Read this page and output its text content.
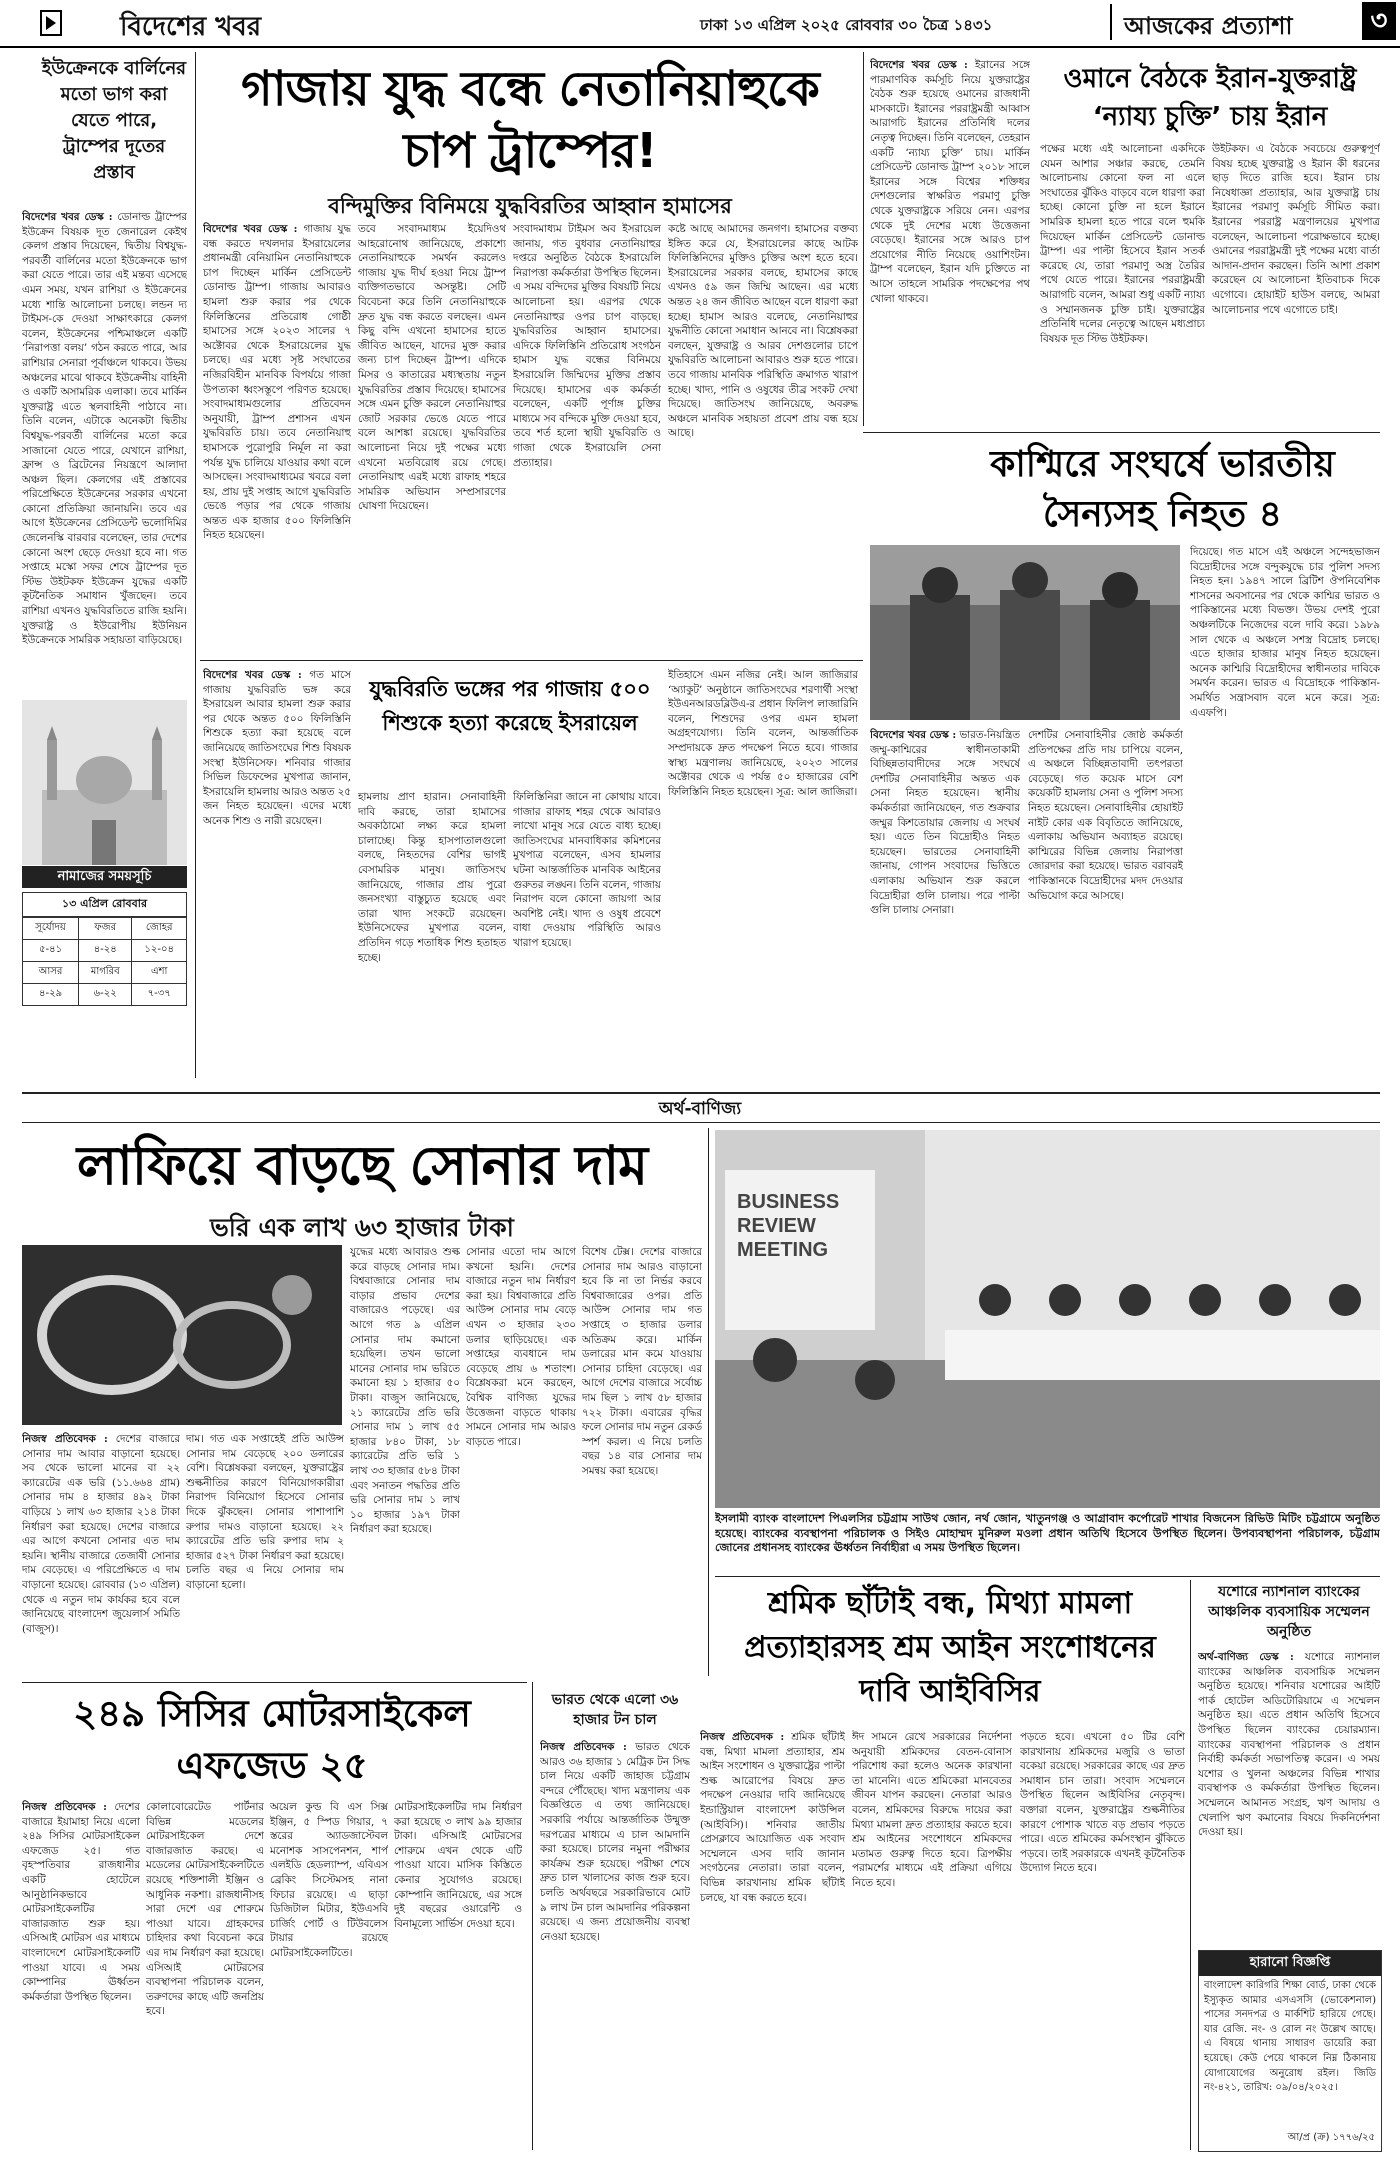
বিদেশের খবর	ঢাকা ১৩ এপ্রিল ২০২৫ রোববার ৩০ চৈত্র ১৪৩১	আজকের প্রত্যাশা	৩
ইউক্রেনকে বার্লিনের মতো ভাগ করা যেতে পারে, ট্রাম্পের দূতের প্রস্তাব
বিদেশের খবর ডেস্ক : ডোনাল্ড ট্রাম্পের ইউক্রেন বিষয়ক দূত জেনারেল কেইথ কেলগ প্রস্তাব দিয়েছেন, দ্বিতীয় বিশ্বযুদ্ধ-পরবর্তী বার্লিনের মতো ইউক্রেনকে ভাগ করা যেতে পারে। তার এই মন্তব্য এসেছে এমন সময়, যখন রাশিয়া ও ইউক্রেনের মধ্যে শান্তি আলোচনা চলছে। লন্ডন দ্য টাইমস-কে দেওয়া সাক্ষাৎকারে কেলগ বলেন, ইউক্রেনের পশ্চিমাঞ্চলে একটি ‘নিরাপত্তা বলয়’ গঠন করতে পারে, আর রাশিয়ার সেনারা পূর্বাঞ্চলে থাকবে। উভয় অঞ্চলের মাঝে থাকবে ইউক্রেনীয় বাহিনী ও একটি অসামরিক এলাকা। তবে মার্কিন যুক্তরাষ্ট্র এতে স্থলবাহিনী পাঠাবে না। তিনি বলেন, এটাকে অনেকটা দ্বিতীয় বিশ্বযুদ্ধ-পরবর্তী বার্লিনের মতো করে সাজানো যেতে পারে, যেখানে রাশিয়া, ফ্রান্স ও ব্রিটেনের নিয়ন্ত্রণে আলাদা অঞ্চল ছিল। কেলগের এই প্রস্তাবের পরিপ্রেক্ষিতে ইউক্রেনের সরকার এখনো কোনো প্রতিক্রিয়া জানায়নি। তবে এর আগে ইউক্রেনের প্রেসিডেন্ট ভলোদিমির জেলেনস্কি বারবার বলেছেন, তার দেশের কোনো অংশ ছেড়ে দেওয়া হবে না। গত সপ্তাহে মস্কো সফর শেষে ট্রাম্পের দূত স্টিভ উইটকফ ইউক্রেন যুদ্ধের একটি কূটনৈতিক সমাধান খুঁজছেন। তবে রাশিয়া এখনও যুদ্ধবিরতিতে রাজি হয়নি। যুক্তরাষ্ট্র ও ইউরোপীয় ইউনিয়ন ইউক্রেনকে সামরিক সহায়তা বাড়িয়েছে।
নামাজের সময়সূচি
১৩ এপ্রিল রোববার
সূর্যোদয়	ফজর	জোহর
৫-৪১	৪-২৪	১২-০৪
আসর	মাগরিব	এশা
৪-২৯	৬-২২	৭-৩৭
গাজায় যুদ্ধ বন্ধে নেতানিয়াহুকে চাপ ট্রাম্পের!
বন্দিমুক্তির বিনিময়ে যুদ্ধবিরতির আহ্বান হামাসের
বিদেশের খবর ডেস্ক : গাজায় যুদ্ধ বন্ধ করতে দখলদার ইসরায়েলের প্রধানমন্ত্রী বেনিয়ামিন নেতানিয়াহুকে চাপ দিচ্ছেন মার্কিন প্রেসিডেন্ট ডোনাল্ড ট্রাম্প। গাজায় আবারও হামলা শুরু করার পর থেকে ফিলিস্তিনের প্রতিরোধ গোষ্ঠী হামাসের সঙ্গে ২০২৩ সালের ৭ অক্টোবর থেকে ইসরায়েলের যুদ্ধ চলছে। এর মধ্যে সৃষ্ট সংঘাতের নজিরবিহীন মানবিক বিপর্যয়ে গাজা উপত্যকা ধ্বংসস্তূপে পরিণত হয়েছে। সংবাদমাধ্যমগুলোর প্রতিবেদন অনুযায়ী, ট্রাম্প প্রশাসন এখন যুদ্ধবিরতি চায়। তবে নেতানিয়াহু হামাসকে পুরোপুরি নির্মূল না করা পর্যন্ত যুদ্ধ চালিয়ে যাওয়ার কথা বলে আসছেন। সংবাদমাধ্যমের খবরে বলা হয়, প্রায় দুই সপ্তাহ আগে যুদ্ধবিরতি ভেঙে পড়ার পর থেকে গাজায় অন্তত এক হাজার ৫০০ ফিলিস্তিনি নিহত হয়েছেন।
তবে সংবাদমাধ্যম ইয়েদিওথ আহরোনোথ জানিয়েছে, প্রকাশ্যে নেতানিয়াহুকে সমর্থন করলেও গাজায় যুদ্ধ দীর্ঘ হওয়া নিয়ে ট্রাম্প ব্যক্তিগতভাবে অসন্তুষ্ট। সেটি বিবেচনা করে তিনি নেতানিয়াহুকে দ্রুত যুদ্ধ বন্ধ করতে বলছেন। এমন কিছু বন্দি এখনো হামাসের হাতে জীবিত আছেন, যাদের মুক্ত করার জন্য চাপ দিচ্ছেন ট্রাম্প। এদিকে মিসর ও কাতারের মধ্যস্থতায় নতুন যুদ্ধবিরতির প্রস্তাব দিয়েছে। হামাসের সঙ্গে এমন চুক্তি করলে নেতানিয়াহুর জোট সরকার ভেঙে যেতে পারে বলে আশঙ্কা রয়েছে। যুদ্ধবিরতির আলোচনা নিয়ে দুই পক্ষের মধ্যে এখনো মতবিরোধ রয়ে গেছে। নেতানিয়াহু এরই মধ্যে রাফাহ শহরে সামরিক অভিযান সম্প্রসারণের ঘোষণা দিয়েছেন।
সংবাদমাধ্যম টাইমস অব ইসরায়েল জানায়, গত বুধবার নেতানিয়াহুর দপ্তরে অনুষ্ঠিত বৈঠকে ইসরায়েলি নিরাপত্তা কর্মকর্তারা উপস্থিত ছিলেন। এ সময় বন্দিদের মুক্তির বিষয়টি নিয়ে আলোচনা হয়। এরপর থেকে নেতানিয়াহুর ওপর চাপ বাড়ছে। যুদ্ধবিরতির আহ্বান হামাসের। এদিকে ফিলিস্তিনি প্রতিরোধ সংগঠন হামাস যুদ্ধ বন্ধের বিনিময়ে ইসরায়েলি জিম্মিদের মুক্তির প্রস্তাব দিয়েছে। হামাসের এক কর্মকর্তা বলেছেন, একটি পূর্ণাঙ্গ চুক্তির মাধ্যমে সব বন্দিকে মুক্তি দেওয়া হবে, তবে শর্ত হলো স্থায়ী যুদ্ধবিরতি ও গাজা থেকে ইসরায়েলি সেনা প্রত্যাহার।
কষ্টে আছে আমাদের জনগণ। হামাসের বক্তব্য ইঙ্গিত করে যে, ইসরায়েলের কাছে আটক ফিলিস্তিনিদের মুক্তিও চুক্তির অংশ হতে হবে। ইসরায়েলের সরকার বলছে, হামাসের কাছে এখনও ৫৯ জন জিম্মি আছেন। এর মধ্যে অন্তত ২৪ জন জীবিত আছেন বলে ধারণা করা হচ্ছে। হামাস আরও বলেছে, নেতানিয়াহুর যুদ্ধনীতি কোনো সমাধান আনবে না। বিশ্লেষকরা বলছেন, যুক্তরাষ্ট্র ও আরব দেশগুলোর চাপে যুদ্ধবিরতি আলোচনা আবারও শুরু হতে পারে। তবে গাজায় মানবিক পরিস্থিতি ক্রমাগত খারাপ হচ্ছে। খাদ্য, পানি ও ওষুধের তীব্র সংকট দেখা দিয়েছে। জাতিসংঘ জানিয়েছে, অবরুদ্ধ অঞ্চলে মানবিক সহায়তা প্রবেশ প্রায় বন্ধ হয়ে আছে।
বিদেশের খবর ডেস্ক : ইরানের সঙ্গে পারমাণবিক কর্মসূচি নিয়ে যুক্তরাষ্ট্রের বৈঠক শুরু হয়েছে ওমানের রাজধানী মাসকাটে। ইরানের পররাষ্ট্রমন্ত্রী আব্বাস আরাগচি ইরানের প্রতিনিধি দলের নেতৃত্ব দিচ্ছেন। তিনি বলেছেন, তেহরান একটি ‘ন্যায্য চুক্তি’ চায়। মার্কিন প্রেসিডেন্ট ডোনাল্ড ট্রাম্প ২০১৮ সালে ইরানের সঙ্গে বিশ্বের শক্তিধর দেশগুলোর স্বাক্ষরিত পরমাণু চুক্তি থেকে যুক্তরাষ্ট্রকে সরিয়ে নেন। এরপর থেকে দুই দেশের মধ্যে উত্তেজনা বেড়েছে। ইরানের সঙ্গে আরও চাপ প্রয়োগের নীতি নিয়েছে ওয়াশিংটন। ট্রাম্প বলেছেন, ইরান যদি চুক্তিতে না আসে তাহলে সামরিক পদক্ষেপের পথ খোলা থাকবে।
ওমানে বৈঠকে ইরান-যুক্তরাষ্ট্র ‘ন্যায্য চুক্তি’ চায় ইরান
পক্ষের মধ্যে এই আলোচনা একদিকে যেমন আশার সঞ্চার করছে, তেমনি আলোচনায় কোনো ফল না এলে সংঘাতের ঝুঁকিও বাড়বে বলে ধারণা করা হচ্ছে। কোনো চুক্তি না হলে ইরানে সামরিক হামলা হতে পারে বলে হুমকি দিয়েছেন মার্কিন প্রেসিডেন্ট ডোনাল্ড ট্রাম্প। এর পাল্টা হিসেবে ইরান সতর্ক করেছে যে, তারা পরমাণু অস্ত্র তৈরির পথে যেতে পারে। ইরানের পররাষ্ট্রমন্ত্রী আরাগচি বলেন, আমরা শুধু একটি ন্যায্য ও সম্মানজনক চুক্তি চাই। যুক্তরাষ্ট্রের প্রতিনিধি দলের নেতৃত্বে আছেন মধ্যপ্রাচ্য বিষয়ক দূত স্টিভ উইটকফ।
উইটকফ। এ বৈঠকে সবচেয়ে গুরুত্বপূর্ণ বিষয় হচ্ছে যুক্তরাষ্ট্র ও ইরান কী ধরনের ছাড় দিতে রাজি হবে। ইরান চায় নিষেধাজ্ঞা প্রত্যাহার, আর যুক্তরাষ্ট্র চায় ইরানের পরমাণু কর্মসূচি সীমিত করা। ইরানের পররাষ্ট্র মন্ত্রণালয়ের মুখপাত্র বলেছেন, আলোচনা পরোক্ষভাবে হচ্ছে। ওমানের পররাষ্ট্রমন্ত্রী দুই পক্ষের মধ্যে বার্তা আদান-প্রদান করছেন। তিনি আশা প্রকাশ করেছেন যে আলোচনা ইতিবাচক দিকে এগোবে। হোয়াইট হাউস বলছে, আমরা আলোচনার পথে এগোতে চাই।
কাশ্মিরে সংঘর্ষে ভারতীয় সৈন্যসহ নিহত ৪
দিয়েছে। গত মাসে এই অঞ্চলে সন্দেহভাজন বিদ্রোহীদের সঙ্গে বন্দুকযুদ্ধে চার পুলিশ সদস্য নিহত হন। ১৯৪৭ সালে ব্রিটিশ ঔপনিবেশিক শাসনের অবসানের পর থেকে কাশ্মির ভারত ও পাকিস্তানের মধ্যে বিভক্ত। উভয় দেশই পুরো অঞ্চলটিকে নিজেদের বলে দাবি করে। ১৯৮৯ সাল থেকে এ অঞ্চলে সশস্ত্র বিদ্রোহ চলছে। এতে হাজার হাজার মানুষ নিহত হয়েছেন। অনেক কাশ্মিরি বিদ্রোহীদের স্বাধীনতার দাবিকে সমর্থন করেন। ভারত এ বিদ্রোহকে পাকিস্তান-সমর্থিত সন্ত্রাসবাদ বলে মনে করে। সূত্র: এএফপি।
বিদেশের খবর ডেস্ক : ভারত-নিয়ন্ত্রিত জম্মু-কাশ্মিরের স্বাধীনতাকামী বিচ্ছিন্নতাবাদীদের সঙ্গে সংঘর্ষে দেশটির সেনাবাহিনীর অন্তত এক সেনা নিহত হয়েছেন। স্থানীয় কর্মকর্তারা জানিয়েছেন, গত শুক্রবার জম্মুর কিশতোয়ার জেলায় এ সংঘর্ষ হয়। এতে তিন বিদ্রোহীও নিহত হয়েছেন। ভারতের সেনাবাহিনী জানায়, গোপন সংবাদের ভিত্তিতে এলাকায় অভিযান শুরু করলে বিদ্রোহীরা গুলি চালায়। পরে পাল্টা গুলি চালায় সেনারা।
দেশটির সেনাবাহিনীর জোষ্ঠ কর্মকর্তা প্রতিপক্ষের প্রতি দায় চাপিয়ে বলেন, এ অঞ্চলে বিচ্ছিন্নতাবাদী তৎপরতা বেড়েছে। গত কয়েক মাসে বেশ কয়েকটি হামলায় সেনা ও পুলিশ সদস্য নিহত হয়েছেন। সেনাবাহিনীর হোয়াইট নাইট কোর এক বিবৃতিতে জানিয়েছে, এলাকায় অভিযান অব্যাহত রয়েছে। কাশ্মিরের বিভিন্ন জেলায় নিরাপত্তা জোরদার করা হয়েছে। ভারত বরাবরই পাকিস্তানকে বিদ্রোহীদের মদদ দেওয়ার অভিযোগ করে আসছে।
বিদেশের খবর ডেস্ক : গত মাসে গাজায় যুদ্ধবিরতি ভঙ্গ করে ইসরায়েল আবার হামলা শুরু করার পর থেকে অন্তত ৫০০ ফিলিস্তিনি শিশুকে হত্যা করা হয়েছে বলে জানিয়েছে জাতিসংঘের শিশু বিষয়ক সংস্থা ইউনিসেফ। শনিবার গাজার সিভিল ডিফেন্সের মুখপাত্র জানান, ইসরায়েলি হামলায় আরও অন্তত ২৫ জন নিহত হয়েছেন। এদের মধ্যে অনেক শিশু ও নারী রয়েছেন।
যুদ্ধবিরতি ভঙ্গের পর গাজায় ৫০০ শিশুকে হত্যা করেছে ইসরায়েল
হামলায় প্রাণ হারান। সেনাবাহিনী দাবি করছে, তারা হামাসের অবকাঠামো লক্ষ্য করে হামলা চালাচ্ছে। কিন্তু হাসপাতালগুলো বলছে, নিহতদের বেশির ভাগই বেসামরিক মানুষ। জাতিসংঘ জানিয়েছে, গাজার প্রায় পুরো জনসংখ্যা বাস্তুচ্যুত হয়েছে এবং তারা খাদ্য সংকটে রয়েছেন। ইউনিসেফের মুখপাত্র বলেন, প্রতিদিন গড়ে শতাধিক শিশু হতাহত হচ্ছে।
ফিলিস্তিনিরা জানে না কোথায় যাবে। গাজার রাফাহ শহর থেকে আবারও লাখো মানুষ সরে যেতে বাধ্য হচ্ছে। জাতিসংঘের মানবাধিকার কমিশনের মুখপাত্র বলেছেন, এসব হামলার ঘটনা আন্তর্জাতিক মানবিক আইনের গুরুতর লঙ্ঘন। তিনি বলেন, গাজায় নিরাপদ বলে কোনো জায়গা আর অবশিষ্ট নেই। খাদ্য ও ওষুধ প্রবেশে বাধা দেওয়ায় পরিস্থিতি আরও খারাপ হয়েছে।
ইতিহাসে এমন নজির নেই। আল জাজিরার ‘অ্যাকুট’ অনুষ্ঠানে জাতিসংঘের শরণার্থী সংস্থা ইউএনআরডব্লিউএ-র প্রধান ফিলিপ লাজারিনি বলেন, শিশুদের ওপর এমন হামলা অগ্রহণযোগ্য। তিনি বলেন, আন্তর্জাতিক সম্প্রদায়কে দ্রুত পদক্ষেপ নিতে হবে। গাজার স্বাস্থ্য মন্ত্রণালয় জানিয়েছে, ২০২৩ সালের অক্টোবর থেকে এ পর্যন্ত ৫০ হাজারের বেশি ফিলিস্তিনি নিহত হয়েছেন। সূত্র: আল জাজিরা।
অর্থ-বাণিজ্য
লাফিয়ে বাড়ছে সোনার দাম
ভরি এক লাখ ৬৩ হাজার টাকা
যুদ্ধের মধ্যে আবারও শুল্ক করে বাড়ছে সোনার দাম। বিশ্ববাজারে সোনার দাম বাড়ার প্রভাব দেশের বাজারেও পড়েছে। এর আগে গত ৯ এপ্রিল সোনার দাম কমানো হয়েছিল। তখন ভালো মানের সোনার দাম ভরিতে কমানো হয় ১ হাজার ৫০ টাকা। বাজুস জানিয়েছে, ২১ ক্যারেটের প্রতি ভরি সোনার দাম ১ লাখ ৫৫ হাজার ৮৪০ টাকা, ১৮ ক্যারেটের প্রতি ভরি ১ লাখ ৩৩ হাজার ৫৮৪ টাকা এবং সনাতন পদ্ধতির প্রতি ভরি সোনার দাম ১ লাখ ১০ হাজার ১৯৭ টাকা নির্ধারণ করা হয়েছে।
সোনার এতো দাম আগে কখনো হয়নি। দেশের বাজারে নতুন দাম নির্ধারণ করা হয়। বিশ্ববাজারে প্রতি আউন্স সোনার দাম বেড়ে এখন ৩ হাজার ২৩০ ডলার ছাড়িয়েছে। এক সপ্তাহের ব্যবধানে দাম বেড়েছে প্রায় ৬ শতাংশ। বিশ্লেষকরা মনে করছেন, বৈশ্বিক বাণিজ্য যুদ্ধের উত্তেজনা বাড়তে থাকায় সামনে সোনার দাম আরও বাড়তে পারে।
বিশেষ টেক্স। দেশের বাজারে সোনার দাম আরও বাড়ানো হবে কি না তা নির্ভর করবে বিশ্ববাজারের ওপর। প্রতি আউন্স সোনার দাম গত সপ্তাহে ৩ হাজার ডলার অতিক্রম করে। মার্কিন ডলারের মান কমে যাওয়ায় সোনার চাহিদা বেড়েছে। এর আগে দেশের বাজারে সর্বোচ্চ দাম ছিল ১ লাখ ৫৮ হাজার ৭২২ টাকা। এবারের বৃদ্ধির ফলে সোনার দাম নতুন রেকর্ড স্পর্শ করল। এ নিয়ে চলতি বছর ১৪ বার সোনার দাম সমন্বয় করা হয়েছে।
নিজস্ব প্রতিবেদক : দেশের বাজারে সোনার দাম আবার বাড়ানো হয়েছে। সব থেকে ভালো মানের বা ২২ ক্যারেটের এক ভরি (১১.৬৬৪ গ্রাম) সোনার দাম ৪ হাজার ৪৯২ টাকা বাড়িয়ে ১ লাখ ৬৩ হাজার ২১৪ টাকা নির্ধারণ করা হয়েছে। দেশের বাজারে এর আগে কখনো সোনার এত দাম হয়নি। স্থানীয় বাজারে তেজাবী সোনার দাম বেড়েছে। এ পরিপ্রেক্ষিতে এ দাম বাড়ানো হয়েছে। রোববার (১৩ এপ্রিল) থেকে এ নতুন দাম কার্যকর হবে বলে জানিয়েছে বাংলাদেশ জুয়েলার্স সমিতি (বাজুস)।
দাম। গত এক সপ্তাহেই প্রতি আউন্স সোনার দাম বেড়েছে ২০০ ডলারের বেশি। বিশ্লেষকরা বলছেন, যুক্তরাষ্ট্রের শুল্কনীতির কারণে বিনিয়োগকারীরা নিরাপদ বিনিয়োগ হিসেবে সোনার দিকে ঝুঁকছেন। সোনার পাশাপাশি রুপার দামও বাড়ানো হয়েছে। ২২ ক্যারেটের প্রতি ভরি রুপার দাম ২ হাজার ৫২৭ টাকা নির্ধারণ করা হয়েছে। চলতি বছর এ নিয়ে সোনার দাম বাড়ানো হলো।
২৪৯ সিসির মোটরসাইকেল এফজেড ২৫
নিজস্ব প্রতিবেদক : দেশের বাজারে ইয়ামাহা নিয়ে এলো ২৪৯ সিসির মোটরসাইকেল এফজেড ২৫। গত বৃহস্পতিবার রাজধানীর একটি হোটেলে আনুষ্ঠানিকভাবে মোটরসাইকেলটির বাজারজাত শুরু হয়। এসিআই মোটরস এর মাধ্যমে বাংলাদেশে মোটরসাইকেলটি পাওয়া যাবে। এ সময় কোম্পানির ঊর্ধ্বতন কর্মকর্তারা উপস্থিত ছিলেন।
কোলাবোরেটেড পার্টনার বিভিন্ন মডেলের মোটরসাইকেল দেশে বাজারজাত করছে। এ মডেলের মোটরসাইকেলটিতে রয়েছে শক্তিশালী ইঞ্জিন ও আধুনিক নকশা। রাজধানীসহ সারা দেশে এর শোরুমে পাওয়া যাবে। গ্রাহকদের চাহিদার কথা বিবেচনা করে এর দাম নির্ধারণ করা হয়েছে। এসিআই মোটরসের ব্যবস্থাপনা পরিচালক বলেন, তরুণদের কাছে এটি জনপ্রিয় হবে।
অয়েল কুল্ড বি এস সিক্স ইঞ্জিন, ৫ স্পিড গিয়ার, ৭ স্তরের অ্যাডজাস্টেবল মনোশক সাসপেনশন, শার্প এলইডি হেডল্যাম্প, এবিএস ব্রেকিং সিস্টেমসহ নানা ফিচার রয়েছে। এ ছাড়া ডিজিটাল মিটার, ইউএসবি চার্জিং পোর্ট ও টিউবলেস টায়ার রয়েছে মোটরসাইকেলটিতে।
মোটরসাইকেলটির দাম নির্ধারণ করা হয়েছে ৩ লাখ ৯৯ হাজার টাকা। এসিআই মোটরসের শোরুমে এখন থেকে এটি পাওয়া যাবে। মাসিক কিস্তিতে কেনার সুযোগও রয়েছে। কোম্পানি জানিয়েছে, এর সঙ্গে দুই বছরের ওয়ারেন্টি ও বিনামূল্যে সার্ভিস দেওয়া হবে।
ভারত থেকে এলো ৩৬ হাজার টন চাল
নিজস্ব প্রতিবেদক : ভারত থেকে আরও ৩৬ হাজার ১ মেট্রিক টন সিদ্ধ চাল নিয়ে একটি জাহাজ চট্টগ্রাম বন্দরে পৌঁছেছে। খাদ্য মন্ত্রণালয় এক বিজ্ঞপ্তিতে এ তথ্য জানিয়েছে। সরকারি পর্যায়ে আন্তর্জাতিক উন্মুক্ত দরপত্রের মাধ্যমে এ চাল আমদানি করা হয়েছে। চালের নমুনা পরীক্ষার কার্যক্রম শুরু হয়েছে। পরীক্ষা শেষে দ্রুত চাল খালাসের কাজ শুরু হবে। চলতি অর্থবছরে সরকারিভাবে মোট ৯ লাখ টন চাল আমদানির পরিকল্পনা রয়েছে। এ জন্য প্রয়োজনীয় ব্যবস্থা নেওয়া হয়েছে।
BUSINESS
REVIEW
MEETING
ইসলামী ব্যাংক বাংলাদেশ পিএলসির চট্টগ্রাম সাউথ জোন, নর্থ জোন, খাতুনগঞ্জ ও আগ্রাবাদ কর্পোরেট শাখার বিজনেস রিভিউ মিটিং চট্টগ্রামে অনুষ্ঠিত হয়েছে। ব্যাংকের ব্যবস্থাপনা পরিচালক ও সিইও মোহাম্মদ মুনিরুল মওলা প্রধান অতিথি হিসেবে উপস্থিত ছিলেন। উপব্যবস্থাপনা পরিচালক, চট্টগ্রাম জোনের প্রধানসহ ব্যাংকের ঊর্ধ্বতন নির্বাহীরা এ সময় উপস্থিত ছিলেন।
শ্রমিক ছাঁটাই বন্ধ, মিথ্যা মামলা প্রত্যাহারসহ শ্রম আইন সংশোধনের দাবি আইবিসির
নিজস্ব প্রতিবেদক : শ্রমিক ছাঁটাই বন্ধ, মিথ্যা মামলা প্রত্যাহার, শ্রম আইন সংশোধন ও যুক্তরাষ্ট্রের পাল্টা শুল্ক আরোপের বিষয়ে দ্রুত পদক্ষেপ নেওয়ার দাবি জানিয়েছে ইন্ডাস্ট্রিয়াল বাংলাদেশ কাউন্সিল (আইবিসি)। শনিবার জাতীয় প্রেসক্লাবে আয়োজিত এক সংবাদ সম্মেলনে এসব দাবি জানান সংগঠনের নেতারা। তারা বলেন, বিভিন্ন কারখানায় শ্রমিক ছাঁটাই চলছে, যা বন্ধ করতে হবে।
ঈদ সামনে রেখে সরকারের নির্দেশনা অনুযায়ী শ্রমিকদের বেতন-বোনাস পরিশোধ করা হলেও অনেক কারখানা তা মানেনি। এতে শ্রমিকেরা মানবেতর জীবন যাপন করছেন। নেতারা আরও বলেন, শ্রমিকদের বিরুদ্ধে দায়ের করা মিথ্যা মামলা দ্রুত প্রত্যাহার করতে হবে। শ্রম আইনের সংশোধনে শ্রমিকদের মতামত গুরুত্ব দিতে হবে। ত্রিপক্ষীয় পরামর্শের মাধ্যমে এই প্রক্রিয়া এগিয়ে নিতে হবে।
পড়তে হবে। এখনো ৫০ টির বেশি কারখানায় শ্রমিকদের মজুরি ও ভাতা বকেয়া রয়েছে। সরকারের কাছে এর দ্রুত সমাধান চান তারা। সংবাদ সম্মেলনে উপস্থিত ছিলেন আইবিসির নেতৃবৃন্দ। বক্তারা বলেন, যুক্তরাষ্ট্রের শুল্কনীতির কারণে পোশাক খাতে বড় প্রভাব পড়তে পারে। এতে শ্রমিকের কর্মসংস্থান ঝুঁকিতে পড়বে। তাই সরকারকে এখনই কূটনৈতিক উদ্যোগ নিতে হবে।
যশোরে ন্যাশনাল ব্যাংকের আঞ্চলিক ব্যবসায়িক সম্মেলন অনুষ্ঠিত
অর্থ-বাণিজ্য ডেস্ক : যশোরে ন্যাশনাল ব্যাংকের আঞ্চলিক ব্যবসায়িক সম্মেলন অনুষ্ঠিত হয়েছে। শনিবার যশোরের আইটি পার্ক হোটেল অডিটোরিয়ামে এ সম্মেলন অনুষ্ঠিত হয়। এতে প্রধান অতিথি হিসেবে উপস্থিত ছিলেন ব্যাংকের চেয়ারম্যান। ব্যাংকের ব্যবস্থাপনা পরিচালক ও প্রধান নির্বাহী কর্মকর্তা সভাপতিত্ব করেন। এ সময় যশোর ও খুলনা অঞ্চলের বিভিন্ন শাখার ব্যবস্থাপক ও কর্মকর্তারা উপস্থিত ছিলেন। সম্মেলনে আমানত সংগ্রহ, ঋণ আদায় ও খেলাপি ঋণ কমানোর বিষয়ে দিকনির্দেশনা দেওয়া হয়।
হারানো বিজ্ঞপ্তি
বাংলাদেশ কারিগরি শিক্ষা বোর্ড, ঢাকা থেকে ইস্যুকৃত আমার এসএসসি (ভোকেশনাল) পাসের সনদপত্র ও মার্কশিট হারিয়ে গেছে। যার রেজি. নং- ও রোল নং উল্লেখ আছে। এ বিষয়ে থানায় সাধারণ ডায়েরি করা হয়েছে। কেউ পেয়ে থাকলে নিম্ন ঠিকানায় যোগাযোগের অনুরোধ রইল। জিডি নং-৪২১, তারিখ: ০৯/০৪/২০২৫।
আ/প্র (ক্র) ১৭৭৬/২৫
